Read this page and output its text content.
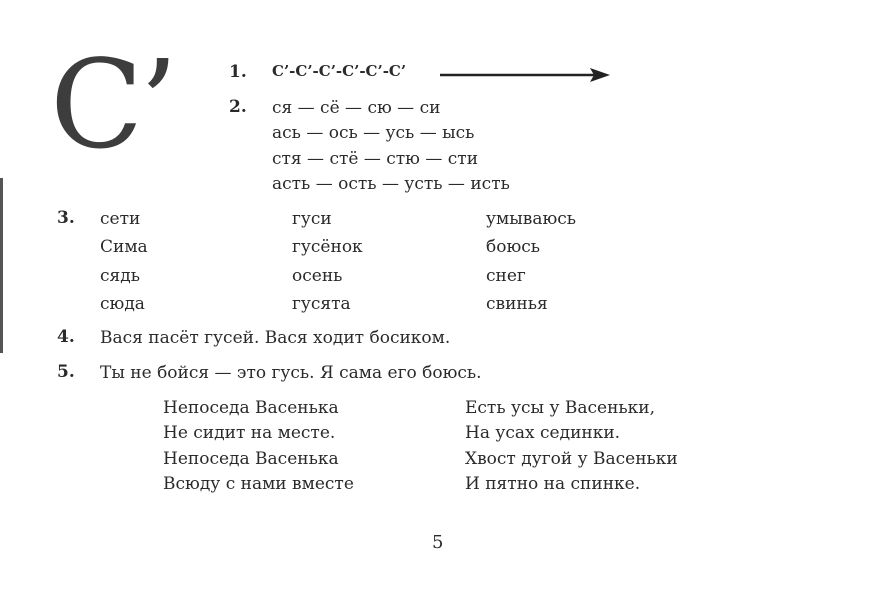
С’	1. С’-С’-С’-С’-С’-С’
2. ся — сё — сю — си
ась — ось — усь — ысь
стя — стё — стю — сти
асть — ость — усть — исть
3. сети
Сима
сядь
сюда
гуси
гусёнок
осень
гусята
умываюсь
боюсь
снег
свинья
4. Вася пасёт гусей. Вася ходит босиком.
5. Ты не бойся — это гусь. Я сама его боюсь.
Непоседа Васенька
Не сидит на месте.
Непоседа Васенька
Всюду с нами вместе
Есть усы у Васеньки,
На усах сединки.
Хвост дугой у Васеньки
И пятно на спинке.
5
